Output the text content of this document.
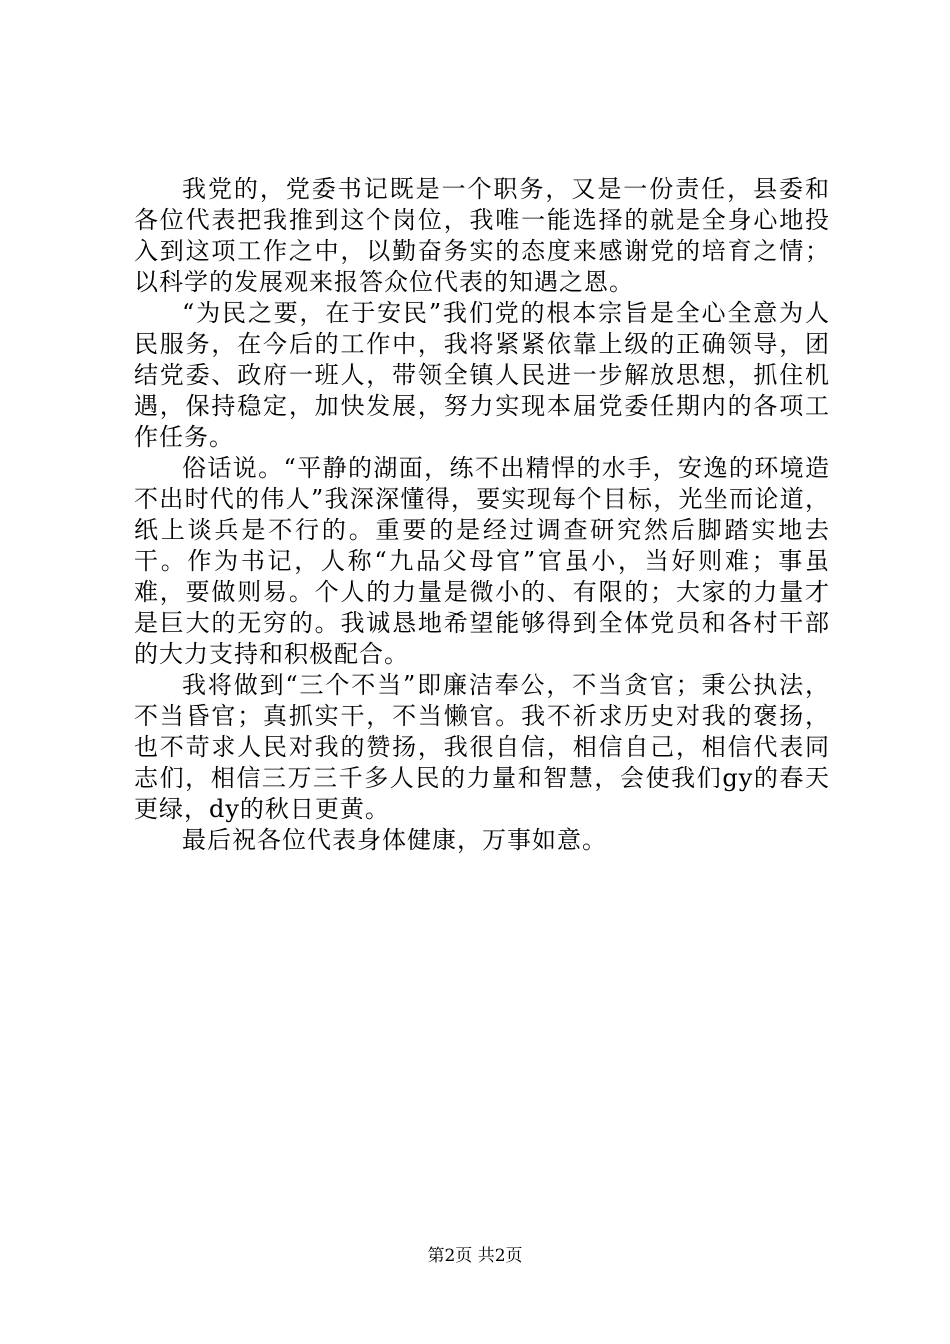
我党的，党委书记既是一个职务，又是一份责任，县委和各位代表把我推到这个岗位，我唯一能选择的就是全身心地投入到这项工作之中，以勤奋务实的态度来感谢党的培育之情；以科学的发展观来报答众位代表的知遇之恩。

“为民之要，在于安民”我们党的根本宗旨是全心全意为人民服务，在今后的工作中，我将紧紧依靠上级的正确领导，团结党委、政府一班人，带领全镇人民进一步解放思想，抓住机遇，保持稳定，加快发展，努力实现本届党委任期内的各项工作任务。

俗话说。“平静的湖面，练不出精悍的水手，安逸的环境造不出时代的伟人”我深深懂得，要实现每个目标，光坐而论道，纸上谈兵是不行的。重要的是经过调查研究然后脚踏实地去干。作为书记，人称“九品父母官”官虽小，当好则难；事虽难，要做则易。个人的力量是微小的、有限的；大家的力量才是巨大的无穷的。我诚恳地希望能够得到全体党员和各村干部的大力支持和积极配合。

我将做到“三个不当”即廉洁奉公，不当贪官；秉公执法，不当昏官；真抓实干，不当懒官。我不祈求历史对我的褒扬，也不苛求人民对我的赞扬，我很自信，相信自己，相信代表同志们，相信三万三千多人民的力量和智慧，会使我们gy的春天更绿，dy的秋日更黄。

最后祝各位代表身体健康，万事如意。

第2页 共2页
